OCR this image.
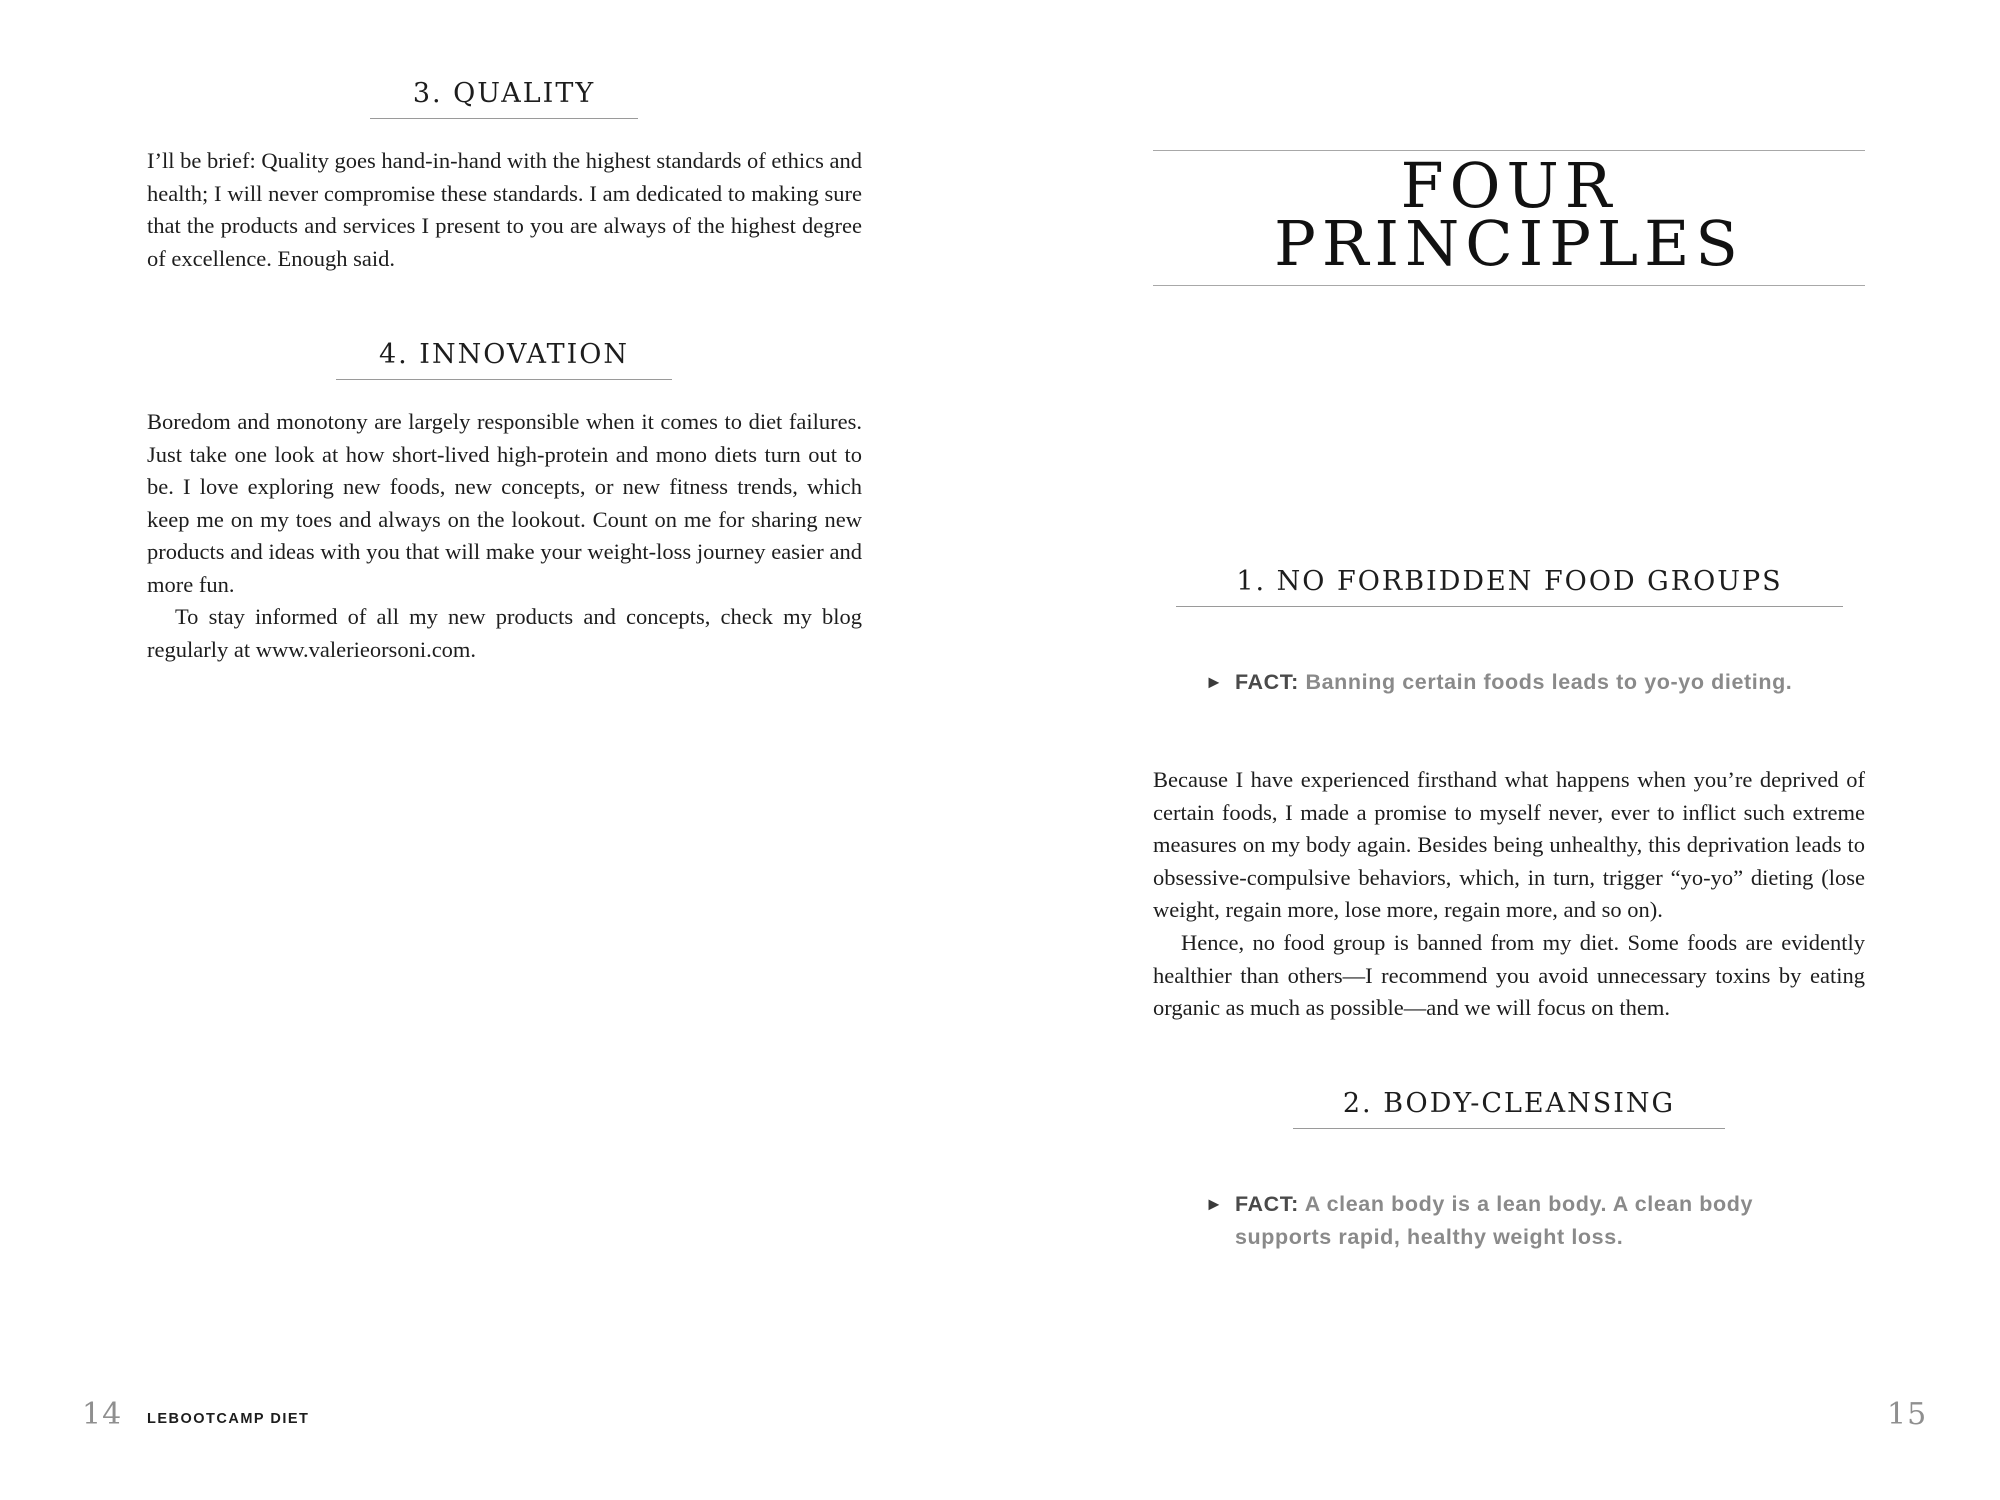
3. QUALITY

I’ll be brief: Quality goes hand-in-hand with the highest standards of ethics and health; I will never compromise these standards. I am dedicated to making sure that the products and services I present to you are always of the highest degree of excellence. Enough said.

4. INNOVATION

Boredom and monotony are largely responsible when it comes to diet failures. Just take one look at how short-lived high-protein and mono diets turn out to be. I love exploring new foods, new concepts, or new fitness trends, which keep me on my toes and always on the lookout. Count on me for sharing new products and ideas with you that will make your weight-loss journey easier and more fun.

To stay informed of all my new products and concepts, check my blog regularly at www.valerieorsoni.com.

14 LEBOOTCAMP DIET
FOUR
PRINCIPLES
1. NO FORBIDDEN FOOD GROUPS
► FACT: Banning certain foods leads to yo-yo dieting.

Because I have experienced firsthand what happens when you’re deprived of certain foods, I made a promise to myself never, ever to inflict such extreme measures on my body again. Besides being unhealthy, this deprivation leads to obsessive-compulsive behaviors, which, in turn, trigger “yo-yo” dieting (lose weight, regain more, lose more, regain more, and so on).

Hence, no food group is banned from my diet. Some foods are evidently healthier than others—I recommend you avoid unnecessary toxins by eating organic as much as possible—and we will focus on them.

2. BODY-CLEANSING
► FACT: A clean body is a lean body. A clean body supports rapid, healthy weight loss.
15
